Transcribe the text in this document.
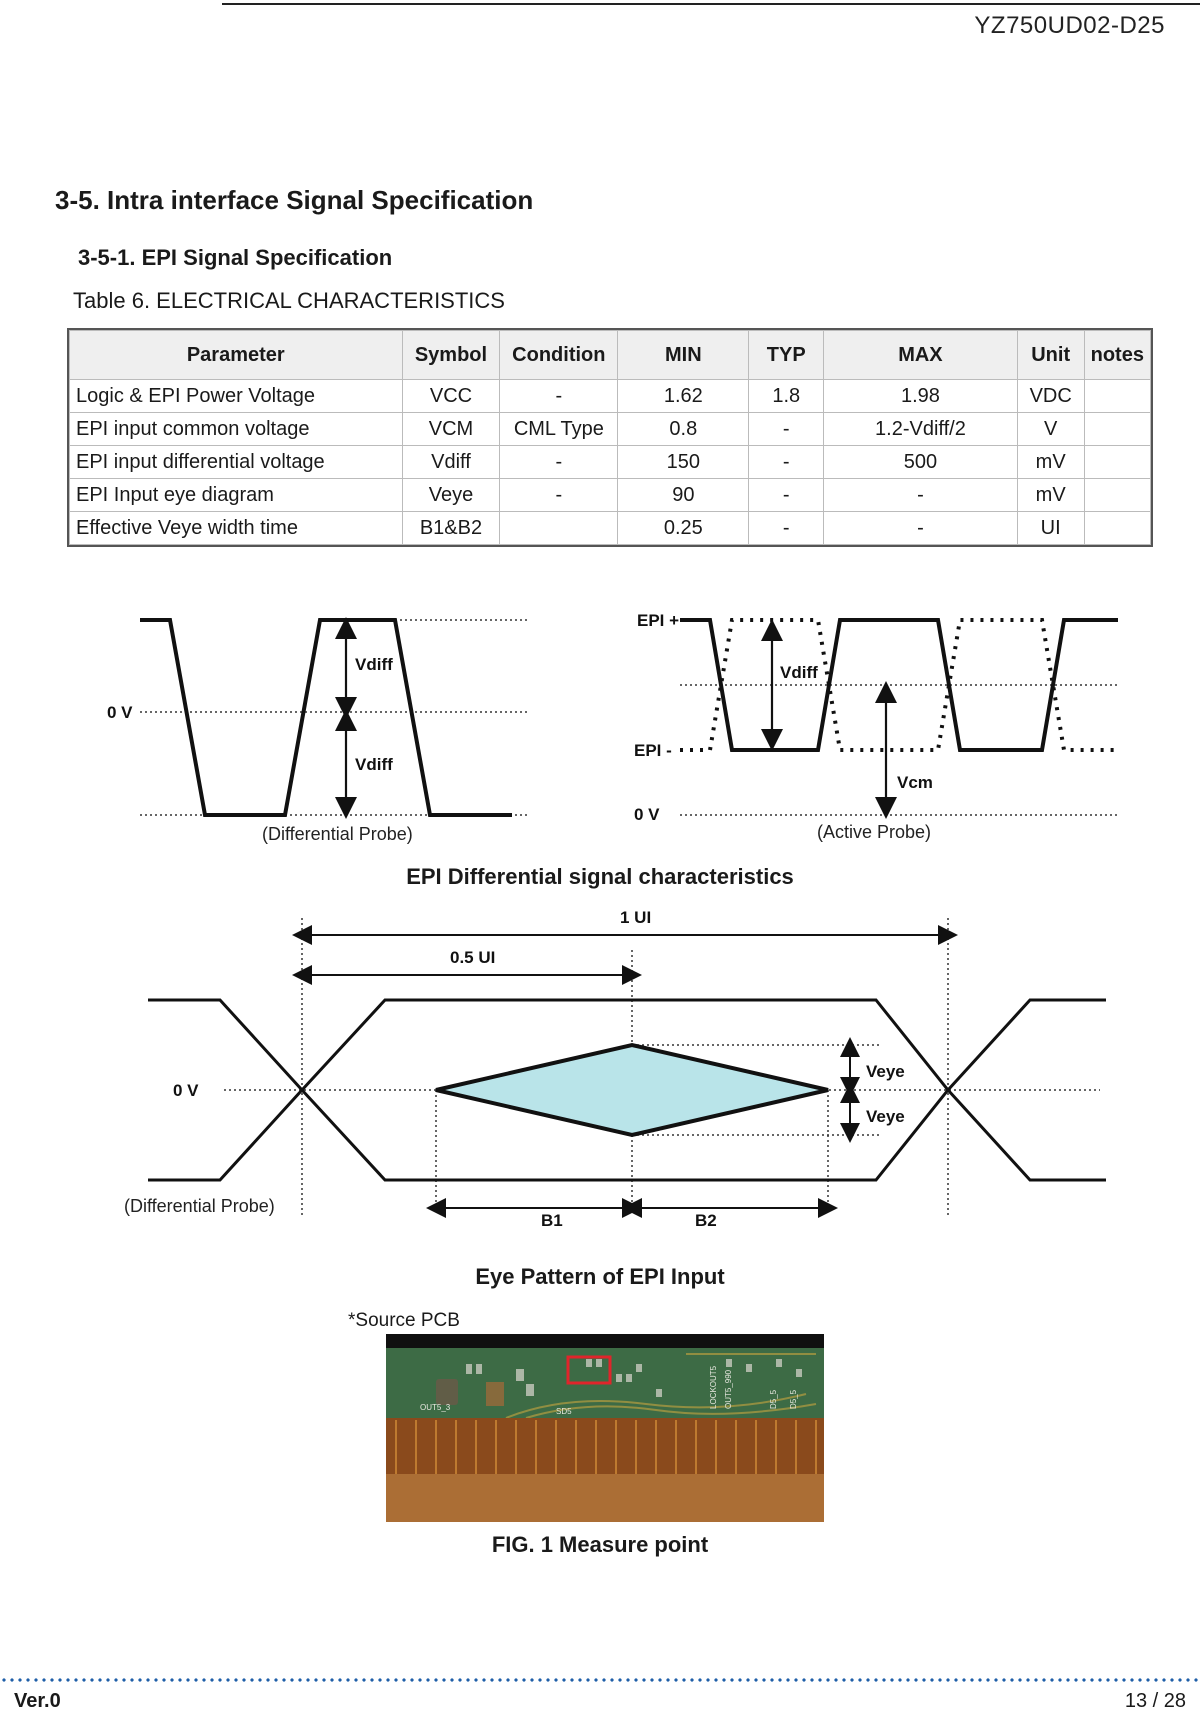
YZ750UD02-D25
3-5. Intra interface Signal Specification
3-5-1. EPI Signal Specification
Table 6. ELECTRICAL CHARACTERISTICS
Parameter	Symbol	Condition	MIN	TYP	MAX	Unit	notes
Logic & EPI Power Voltage	VCC	-	1.62	1.8	1.98	VDC	
EPI input common voltage	VCM	CML Type	0.8	-	1.2-Vdiff/2	V	
EPI input differential voltage	Vdiff	-	150	-	500	mV	
EPI Input eye diagram	Veye	-	90	-	-	mV	
Effective Veye width time	B1&B2		0.25	-	-	UI	
Vdiff
Vdiff
0 V
EPI +
EPI -
Vdiff
Vcm
0 V
1 UI
0.5 UI
0 V
Veye
Veye
B1	B2
(Differential Probe)	(Active Probe)
(Differential Probe)
EPI Differential signal characteristics
Eye Pattern of EPI Input
*Source PCB
OUT5_3	SD5
LOCKOUT5 OUT5_990	D5_5 D5_5
FIG. 1 Measure point
Ver.0	13 / 28
